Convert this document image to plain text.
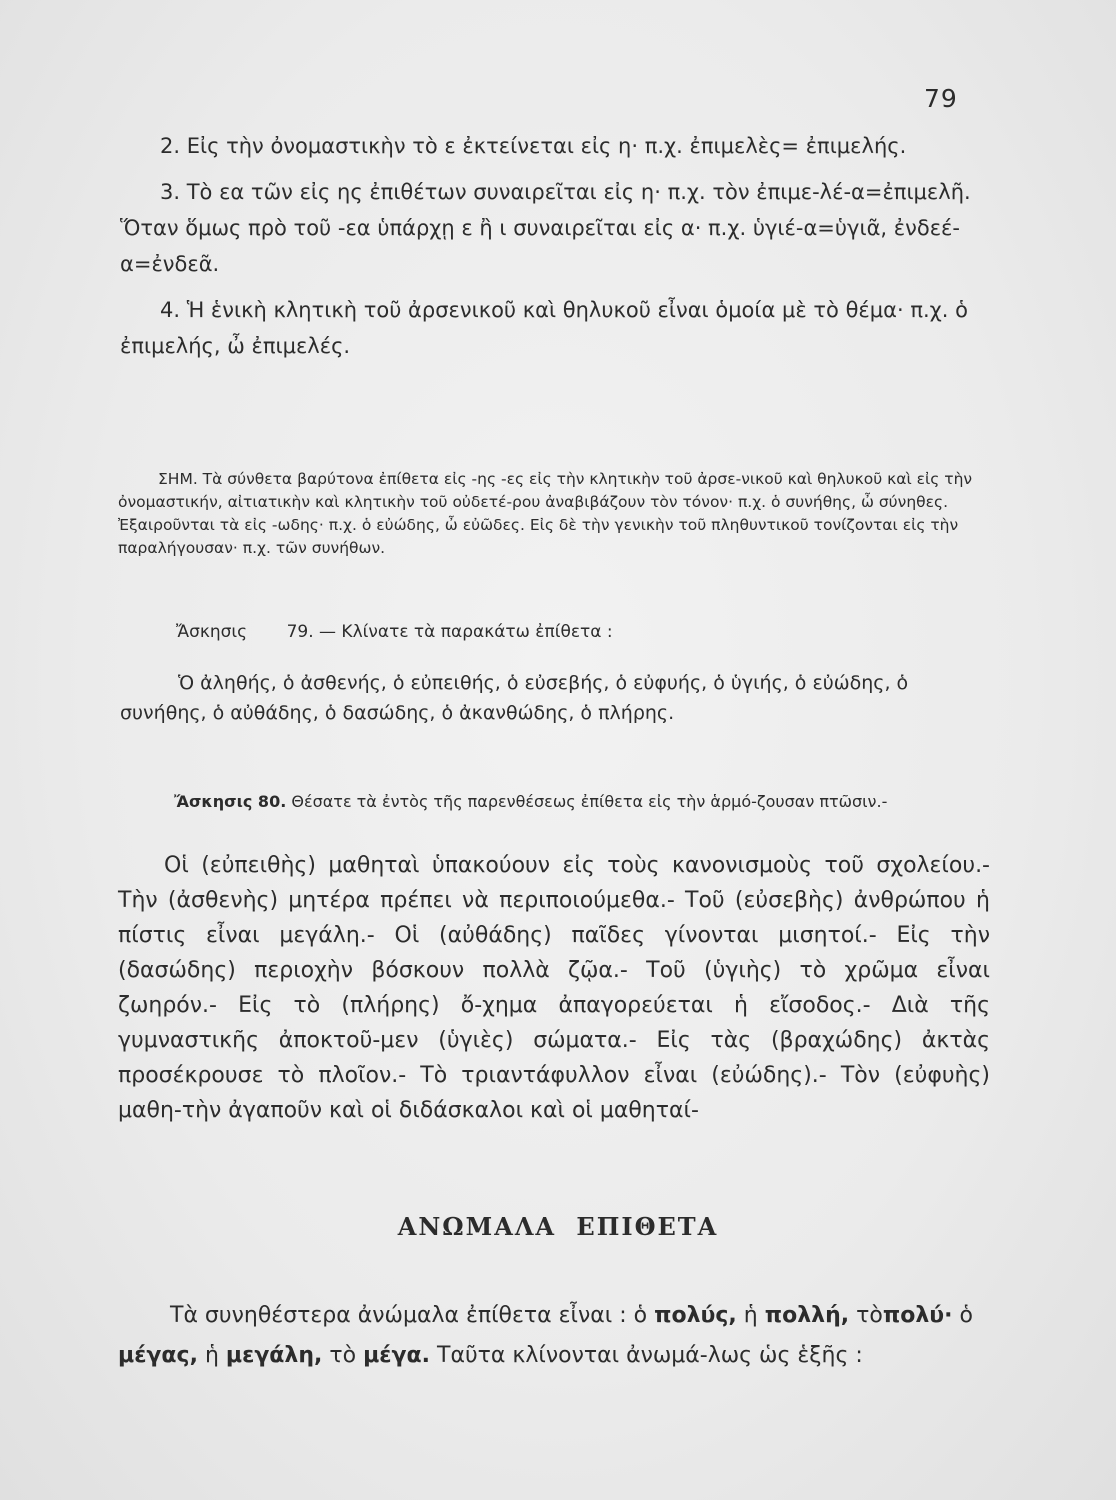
79

2. Εἰς τὴν ὀνομαστικὴν τὸ ε ἐκτείνεται εἰς η· π.χ. ἐπιμελὲς= ἐπιμελής.

3. Τὸ εα τῶν εἰς ης ἐπιθέτων συναιρεῖται εἰς η· π.χ. τὸν ἐπιμε-λέ-α=ἐπιμελῆ. Ὅταν ὅμως πρὸ τοῦ -εα ὑπάρχῃ ε ἢ ι συναιρεῖται εἰς α· π.χ. ὑγιέ-α=ὑγιᾶ, ἐνδεέ-α=ἐνδεᾶ.

4. Ἡ ἑνικὴ κλητικὴ τοῦ ἀρσενικοῦ καὶ θηλυκοῦ εἶναι ὁμοία μὲ τὸ θέμα· π.χ. ὁ ἐπιμελής, ὦ ἐπιμελές.

ΣΗΜ. Τὰ σύνθετα βαρύτονα ἐπίθετα εἰς -ης -ες εἰς τὴν κλητικὴν τοῦ ἀρσε-νικοῦ καὶ θηλυκοῦ καὶ εἰς τὴν ὀνομαστικήν, αἰτιατικὴν καὶ κλητικὴν τοῦ οὐδετέ-ρου ἀναβιβάζουν τὸν τόνον· π.χ. ὁ συνήθης, ὦ σύνηθες. Ἐξαιροῦνται τὰ εἰς -ωδης· π.χ. ὁ εὐώδης, ὦ εὐῶδες. Εἰς δὲ τὴν γενικὴν τοῦ πληθυντικοῦ τονίζονται εἰς τὴν παραλήγουσαν· π.χ. τῶν συνήθων.

Ἄσκησις 79. — Κλίνατε τὰ παρακάτω ἐπίθετα :

Ὁ ἀληθής, ὁ ἀσθενής, ὁ εὐπειθής, ὁ εὐσεβής, ὁ εὐφυής, ὁ ὑγιής, ὁ εὐώδης, ὁ συνήθης, ὁ αὐθάδης, ὁ δασώδης, ὁ ἀκανθώδης, ὁ πλήρης.

Ἄσκησις 80. Θέσατε τὰ ἐντὸς τῆς παρενθέσεως ἐπίθετα εἰς τὴν ἁρμό-ζουσαν πτῶσιν.-

Οἱ (εὐπειθὴς) μαθηταὶ ὑπακούουν εἰς τοὺς κανονισμοὺς τοῦ σχολείου.- Τὴν (ἀσθενὴς) μητέρα πρέπει νὰ περιποιούμεθα.- Τοῦ (εὐσεβὴς) ἀνθρώπου ἡ πίστις εἶναι μεγάλη.- Οἱ (αὐθάδης) παῖδες γίνονται μισητοί.- Εἰς τὴν (δασώδης) περιοχὴν βόσκουν πολλὰ ζῷα.- Τοῦ (ὑγιὴς) τὸ χρῶμα εἶναι ζωηρόν.- Εἰς τὸ (πλήρης) ὄ-χημα ἀπαγορεύεται ἡ εἴσοδος.- Διὰ τῆς γυμναστικῆς ἀποκτοῦ-μεν (ὑγιὲς) σώματα.- Εἰς τὰς (βραχώδης) ἀκτὰς προσέκρουσε τὸ πλοῖον.- Τὸ τριαντάφυλλον εἶναι (εὐώδης).- Τὸν (εὐφυὴς) μαθη-τὴν ἀγαποῦν καὶ οἱ διδάσκαλοι καὶ οἱ μαθηταί-

ΑΝΩΜΑΛΑ ΕΠΙΘΕΤΑ

Τὰ συνηθέστερα ἀνώμαλα ἐπίθετα εἶναι : ὁ πολύς, ἡ πολλή, τὸπολύ· ὁ μέγας, ἡ μεγάλη, τὸ μέγα. Ταῦτα κλίνονται ἀνωμά-λως ὡς ἑξῆς :
